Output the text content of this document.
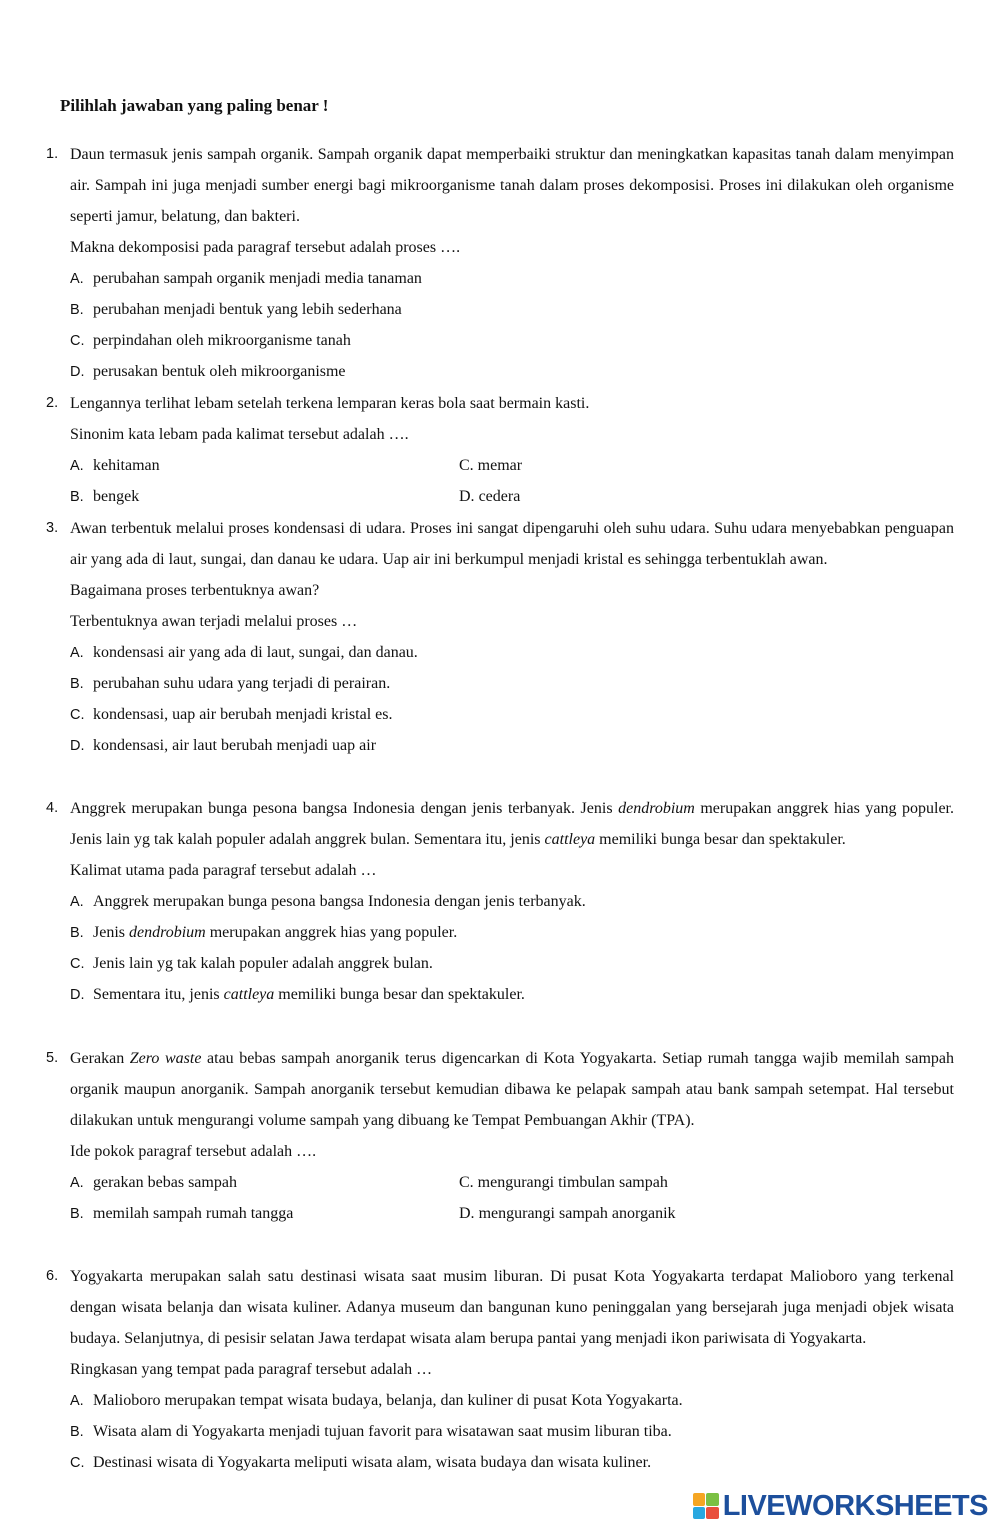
Pilihlah jawaban yang paling benar !
1. Daun termasuk jenis sampah organik. Sampah organik dapat memperbaiki struktur dan meningkatkan kapasitas tanah dalam menyimpan air. Sampah ini juga menjadi sumber energi bagi mikroorganisme tanah dalam proses dekomposisi. Proses ini dilakukan oleh organisme seperti jamur, belatung, dan bakteri.
Makna dekomposisi pada paragraf tersebut adalah proses ….
A. perubahan sampah organik menjadi media tanaman
B. perubahan menjadi bentuk yang lebih sederhana
C. perpindahan oleh mikroorganisme tanah
D. perusakan bentuk oleh mikroorganisme
2. Lengannya terlihat lebam setelah terkena lemparan keras bola saat bermain kasti.
Sinonim kata lebam pada kalimat tersebut adalah ….
A. kehitaman	C. memar
B. bengek	D. cedera
3. Awan terbentuk melalui proses kondensasi di udara. Proses ini sangat dipengaruhi oleh suhu udara. Suhu udara menyebabkan penguapan air yang ada di laut, sungai, dan danau ke udara. Uap air ini berkumpul menjadi kristal es sehingga terbentuklah awan.
Bagaimana proses terbentuknya awan?
Terbentuknya awan terjadi melalui proses …
A. kondensasi air yang ada di laut, sungai, dan danau.
B. perubahan suhu udara yang terjadi di perairan.
C. kondensasi, uap air berubah menjadi kristal es.
D. kondensasi, air laut berubah menjadi uap air
4. Anggrek merupakan bunga pesona bangsa Indonesia dengan jenis terbanyak. Jenis dendrobium merupakan anggrek hias yang populer. Jenis lain yg tak kalah populer adalah anggrek bulan. Sementara itu, jenis cattleya memiliki bunga besar dan spektakuler.
Kalimat utama pada paragraf tersebut adalah …
A. Anggrek merupakan bunga pesona bangsa Indonesia dengan jenis terbanyak.
B. Jenis dendrobium merupakan anggrek hias yang populer.
C. Jenis lain yg tak kalah populer adalah anggrek bulan.
D. Sementara itu, jenis cattleya memiliki bunga besar dan spektakuler.
5. Gerakan Zero waste atau bebas sampah anorganik terus digencarkan di Kota Yogyakarta. Setiap rumah tangga wajib memilah sampah organik maupun anorganik. Sampah anorganik tersebut kemudian dibawa ke pelapak sampah atau bank sampah setempat. Hal tersebut dilakukan untuk mengurangi volume sampah yang dibuang ke Tempat Pembuangan Akhir (TPA).
Ide pokok paragraf tersebut adalah ….
A. gerakan bebas sampah	C. mengurangi timbulan sampah
B. memilah sampah rumah tangga	D. mengurangi sampah anorganik
6. Yogyakarta merupakan salah satu destinasi wisata saat musim liburan. Di pusat Kota Yogyakarta terdapat Malioboro yang terkenal dengan wisata belanja dan wisata kuliner. Adanya museum dan bangunan kuno peninggalan yang bersejarah juga menjadi objek wisata budaya. Selanjutnya, di pesisir selatan Jawa terdapat wisata alam berupa pantai yang menjadi ikon pariwisata di Yogyakarta.
Ringkasan yang tempat pada paragraf tersebut adalah …
A. Malioboro merupakan tempat wisata budaya, belanja, dan kuliner di pusat Kota Yogyakarta.
B. Wisata alam di Yogyakarta menjadi tujuan favorit para wisatawan saat musim liburan tiba.
C. Destinasi wisata di Yogyakarta meliputi wisata alam, wisata budaya dan wisata kuliner.
LIVEWORKSHEETS
